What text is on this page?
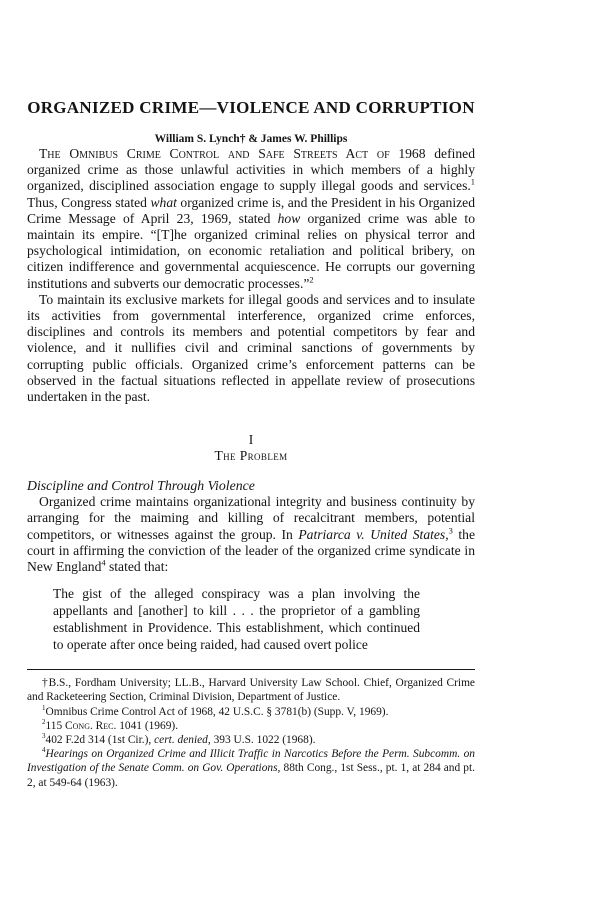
ORGANIZED CRIME—VIOLENCE AND CORRUPTION
William S. Lynch† & James W. Phillips

The Omnibus Crime Control and Safe Streets Act of 1968 defined organized crime as those unlawful activities in which members of a highly organized, disciplined association engage to supply illegal goods and services.$^1$ Thus, Congress stated what organized crime is, and the President in his Organized Crime Message of April 23, 1969, stated how organized crime was able to maintain its empire. “[T]he organized criminal relies on physical terror and psychological intimidation, on economic retaliation and political bribery, on citizen indifference and governmental acquiescence. He corrupts our governing institutions and subverts our democratic processes.”$^2$

To maintain its exclusive markets for illegal goods and services and to insulate its activities from governmental interference, organized crime enforces, disciplines and controls its members and potential competitors by fear and violence, and it nullifies civil and criminal sanctions of governments by corrupting public officials. Organized crime’s enforcement patterns can be observed in the factual situations reflected in appellate review of prosecutions undertaken in the past.

I
The Problem
Discipline and Control Through Violence

Organized crime maintains organizational integrity and business continuity by arranging for the maiming and killing of recalcitrant members, potential competitors, or witnesses against the group. In Patriarca v. United States,$^3$ the court in affirming the conviction of the leader of the organized crime syndicate in New England$^4$ stated that:

The gist of the alleged conspiracy was a plan involving the appellants and [another] to kill . . . the proprietor of a gambling establishment in Providence. This establishment, which continued to operate after once being raided, had caused overt police

†B.S., Fordham University; LL.B., Harvard University Law School. Chief, Organized Crime and Racketeering Section, Criminal Division, Department of Justice.

$^1$Omnibus Crime Control Act of 1968, 42 U.S.C. § 3781(b) (Supp. V, 1969).

$^2$115 Cong. Rec. 1041 (1969).

$^3$402 F.2d 314 (1st Cir.), cert. denied, 393 U.S. 1022 (1968).

$^4$Hearings on Organized Crime and Illicit Traffic in Narcotics Before the Perm. Subcomm. on Investigation of the Senate Comm. on Gov. Operations, 88th Cong., 1st Sess., pt. 1, at 284 and pt. 2, at 549-64 (1963).
